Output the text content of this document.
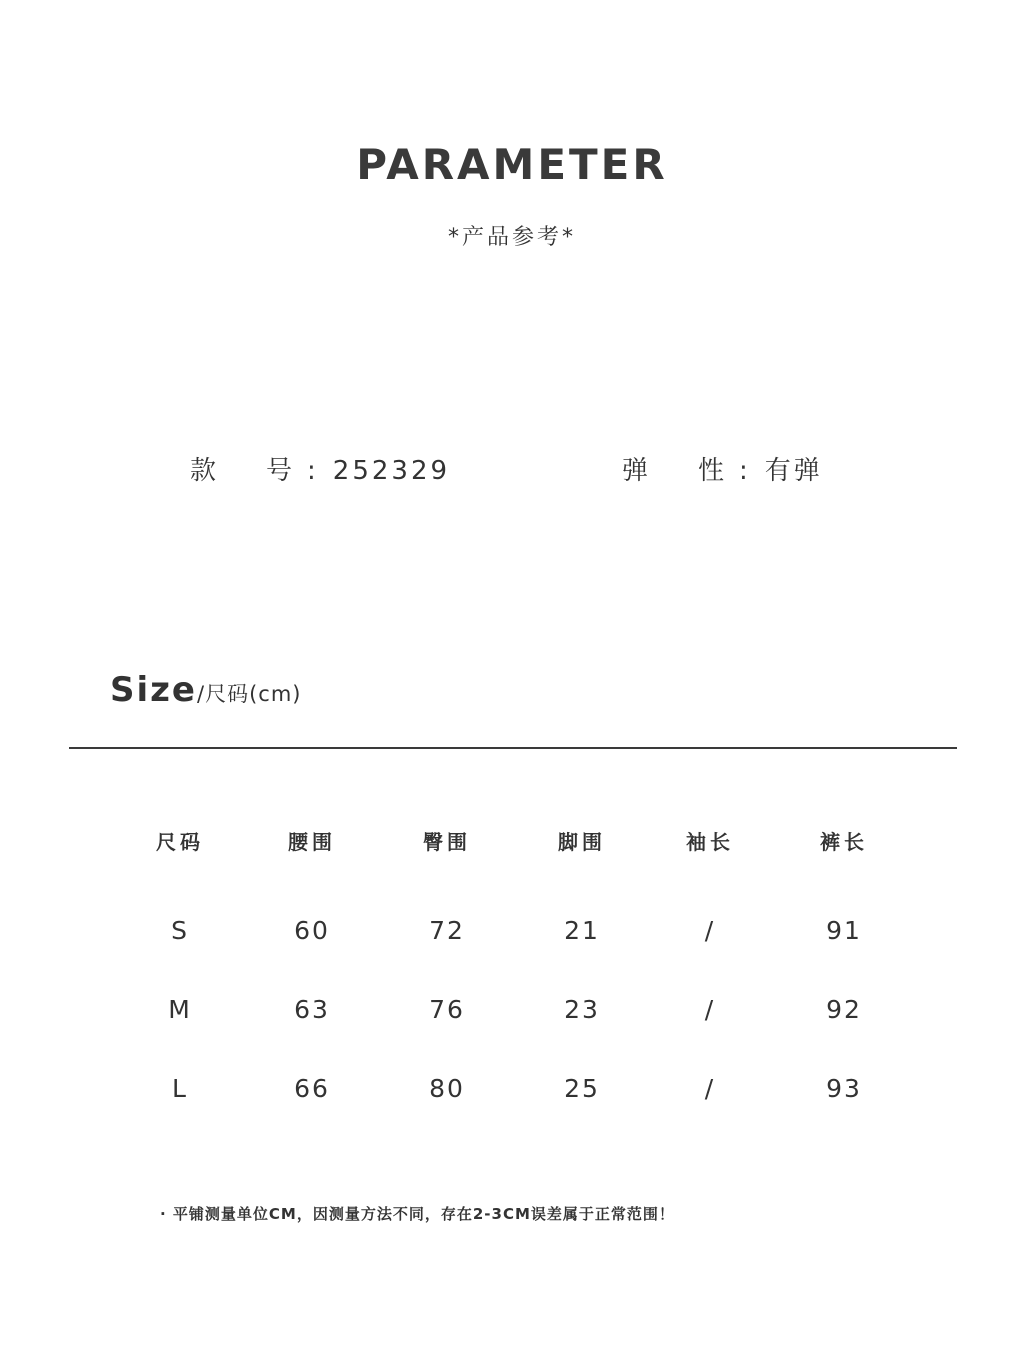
PARAMETER
*产品参考*
款 号 : 252329	弹 性 : 有弹
Size/尺码(cm)
尺码	腰围	臀围	脚围	袖长	裤长
S	60	72	21	/	91
M	63	76	23	/	92
L	66	80	25	/	93
· 平铺测量单位CM，因测量方法不同，存在2-3CM误差属于正常范围！
